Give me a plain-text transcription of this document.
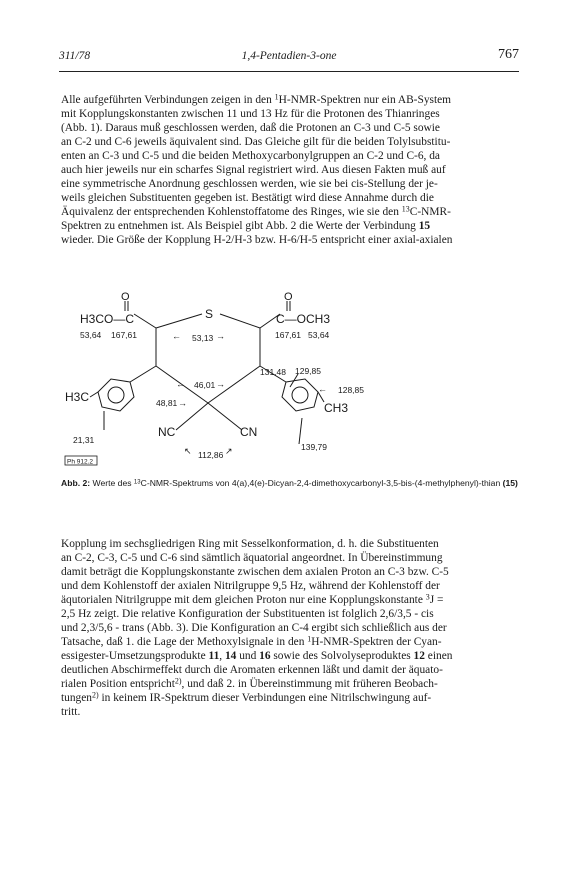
311/78	1,4-Pentadien-3-one	767
Alle aufgeführten Verbindungen zeigen in den $^1$H-NMR-Spektren nur ein AB-System
mit Kopplungskonstanten zwischen 11 und 13 Hz für die Protonen des Thianringes
(Abb. 1). Daraus muß geschlossen werden, daß die Protonen an C-3 und C-5 sowie
an C-2 und C-6 jeweils äquivalent sind. Das Gleiche gilt für die beiden Tolylsubstitu-
enten an C-3 und C-5 und die beiden Methoxycarbonylgruppen an C-2 und C-6, da
auch hier jeweils nur ein scharfes Signal registriert wird. Aus diesen Fakten muß auf
eine symmetrische Anordnung geschlossen werden, wie sie bei cis-Stellung der je-
weils gleichen Substituenten gegeben ist. Bestätigt wird diese Annahme durch die
Äquivalenz der entsprechenden Kohlenstoffatome des Ringes, wie sie den $^{13}$C-NMR-
Spektren zu entnehmen ist. Als Beispiel gibt Abb. 2 die Werte der Verbindung 15
wieder. Die Größe der Kopplung H-2/H-3 bzw. H-6/H-5 entspricht einer axial-axialen
O	O
H3CO—C	C—OCH3
S
53,64 167,61	53,13	167,61 53,64
←	→
46,01
←	→
48,81 →
131,48 129,85
128,85
←
139,79
H3C
CH3
21,31
NC	CN
↖ 112,86 ↗
Ph 912.2
Abb. 2: Werte des $^{13}$C-NMR-Spektrums von 4(a),4(e)-Dicyan-2,4-dimethoxycarbonyl-3,5-bis-(4-methylphenyl)-thian (15)
Kopplung im sechsgliedrigen Ring mit Sesselkonformation, d. h. die Substituenten
an C-2, C-3, C-5 und C-6 sind sämtlich äquatorial angeordnet. In Übereinstimmung
damit beträgt die Kopplungskonstante zwischen dem axialen Proton an C-3 bzw. C-5
und dem Kohlenstoff der axialen Nitrilgruppe 9,5 Hz, während der Kohlenstoff der
äqutorialen Nitrilgruppe mit dem gleichen Proton nur eine Kopplungskonstante $^3$J =
2,5 Hz zeigt. Die relative Konfiguration der Substituenten ist folglich 2,6/3,5 - cis
und 2,3/5,6 - trans (Abb. 3). Die Konfiguration an C-4 ergibt sich schließlich aus der
Tatsache, daß 1. die Lage der Methoxylsignale in den $^1$H-NMR-Spektren der Cyan-
essigester-Umsetzungsprodukte 11, 14 und 16 sowie des Solvolyseproduktes 12 einen
deutlichen Abschirmeffekt durch die Aromaten erkennen läßt und damit der äquato-
rialen Position entspricht$^{2)}$, und daß 2. in Übereinstimmung mit früheren Beobach-
tungen$^{2)}$ in keinem IR-Spektrum dieser Verbindungen eine Nitrilschwingung auf-
tritt.
